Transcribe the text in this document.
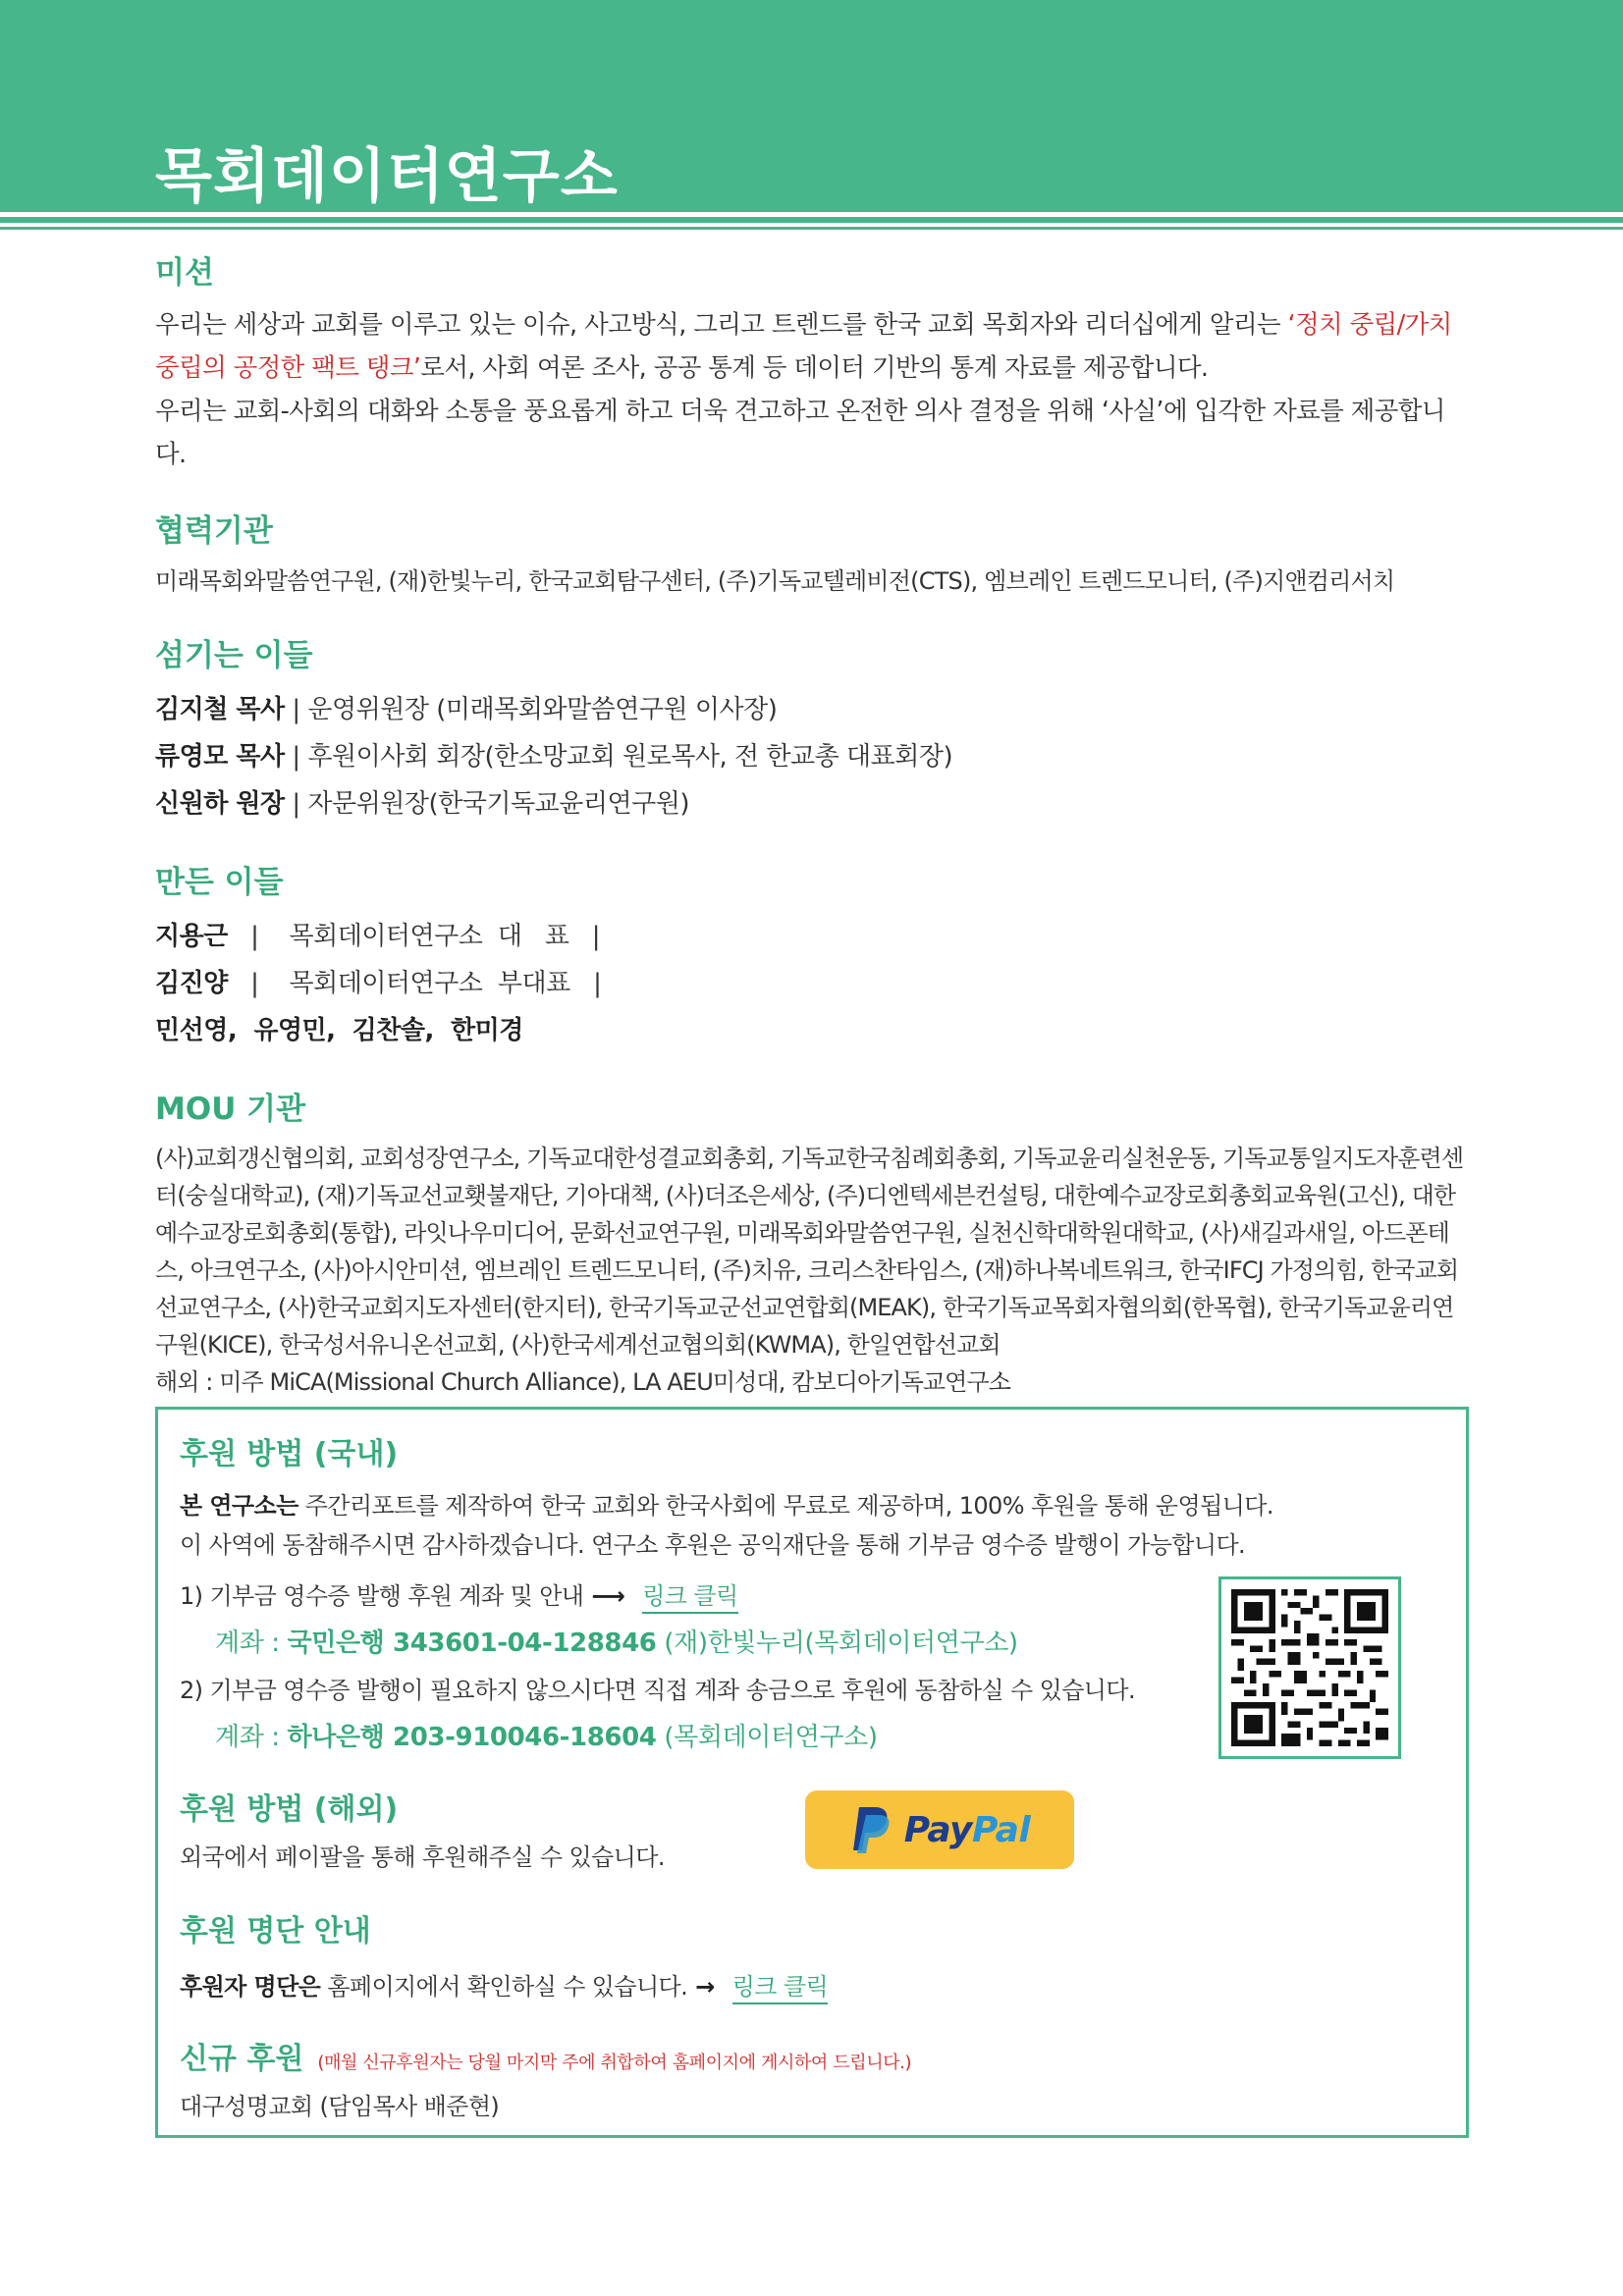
목회데이터연구소
미션
우리는 세상과 교회를 이루고 있는 이슈, 사고방식, 그리고 트렌드를 한국 교회 목회자와 리더십에게 알리는 ‘정치 중립/가치 중립의 공정한 팩트 탱크’로서, 사회 여론 조사, 공공 통계 등 데이터 기반의 통계 자료를 제공합니다.
우리는 교회-사회의 대화와 소통을 풍요롭게 하고 더욱 견고하고 온전한 의사 결정을 위해 ‘사실’에 입각한 자료를 제공합니다.
협력기관
미래목회와말씀연구원, (재)한빛누리, 한국교회탐구센터, (주)기독교텔레비전(CTS), 엠브레인 트렌드모니터, (주)지앤컴리서치
섬기는 이들
김지철 목사 | 운영위원장 (미래목회와말씀연구원 이사장)
류영모 목사 | 후원이사회 회장(한소망교회 원로목사, 전 한교총 대표회장)
신원하 원장 | 자문위원장(한국기독교윤리연구원)
만든 이들
지용근   |    목회데이터연구소  대   표   |
김진양   |    목회데이터연구소  부대표   |
민선영,  유영민,  김찬솔,  한미경
MOU 기관
(사)교회갱신협의회, 교회성장연구소, 기독교대한성결교회총회, 기독교한국침례회총회, 기독교윤리실천운동, 기독교통일지도자훈련센터(숭실대학교), (재)기독교선교횃불재단, 기아대책, (사)더조은세상, (주)디엔텍세븐컨설팅, 대한예수교장로회총회교육원(고신), 대한예수교장로회총회(통합), 라잇나우미디어, 문화선교연구원, 미래목회와말씀연구원, 실천신학대학원대학교, (사)새길과새일, 아드폰테스, 아크연구소, (사)아시안미션, 엠브레인 트렌드모니터, (주)치유, 크리스찬타임스, (재)하나복네트워크, 한국IFCJ 가정의힘, 한국교회 선교연구소, (사)한국교회지도자센터(한지터), 한국기독교군선교연합회(MEAK), 한국기독교목회자협의회(한목협), 한국기독교윤리연구원(KICE), 한국성서유니온선교회, (사)한국세계선교협의회(KWMA), 한일연합선교회
해외 : 미주 MiCA(Missional Church Alliance), LA AEU미성대, 캄보디아기독교연구소
후원 방법 (국내)
본 연구소는 주간리포트를 제작하여 한국 교회와 한국사회에 무료로 제공하며, 100% 후원을 통해 운영됩니다.
이 사역에 동참해주시면 감사하겠습니다. 연구소 후원은 공익재단을 통해 기부금 영수증 발행이 가능합니다.
1) 기부금 영수증 발행 후원 계좌 및 안내 ⟶ 링크 클릭
계좌 : 국민은행 343601-04-128846 (재)한빛누리(목회데이터연구소)
2) 기부금 영수증 발행이 필요하지 않으시다면 직접 계좌 송금으로 후원에 동참하실 수 있습니다.
계좌 : 하나은행 203-910046-18604 (목회데이터연구소)
후원 방법 (해외)
외국에서 페이팔을 통해 후원해주실 수 있습니다.
후원 명단 안내
후원자 명단은 홈페이지에서 확인하실 수 있습니다. → 링크 클릭
신규 후원 (매월 신규후원자는 당월 마지막 주에 취합하여 홈페이지에 게시하여 드립니다.)
대구성명교회 (담임목사 배준현)
PayPal
